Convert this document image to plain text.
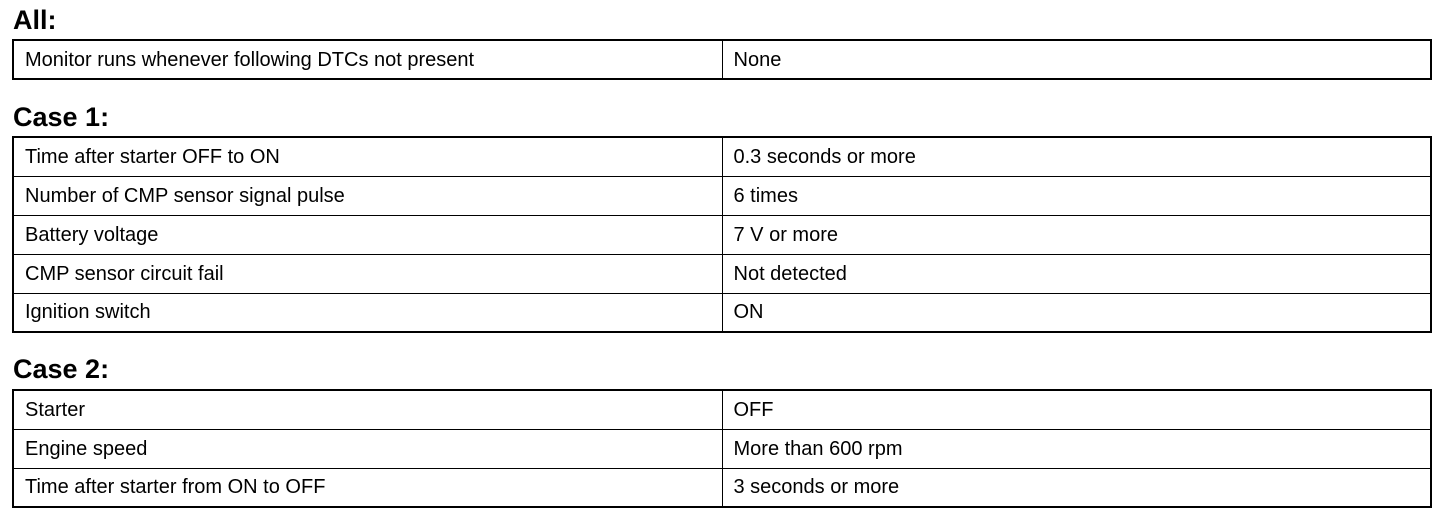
All:
Monitor runs whenever following DTCs not present	None
Case 1:
Time after starter OFF to ON	0.3 seconds or more
Number of CMP sensor signal pulse	6 times
Battery voltage	7 V or more
CMP sensor circuit fail	Not detected
Ignition switch	ON
Case 2:
Starter	OFF
Engine speed	More than 600 rpm
Time after starter from ON to OFF	3 seconds or more
